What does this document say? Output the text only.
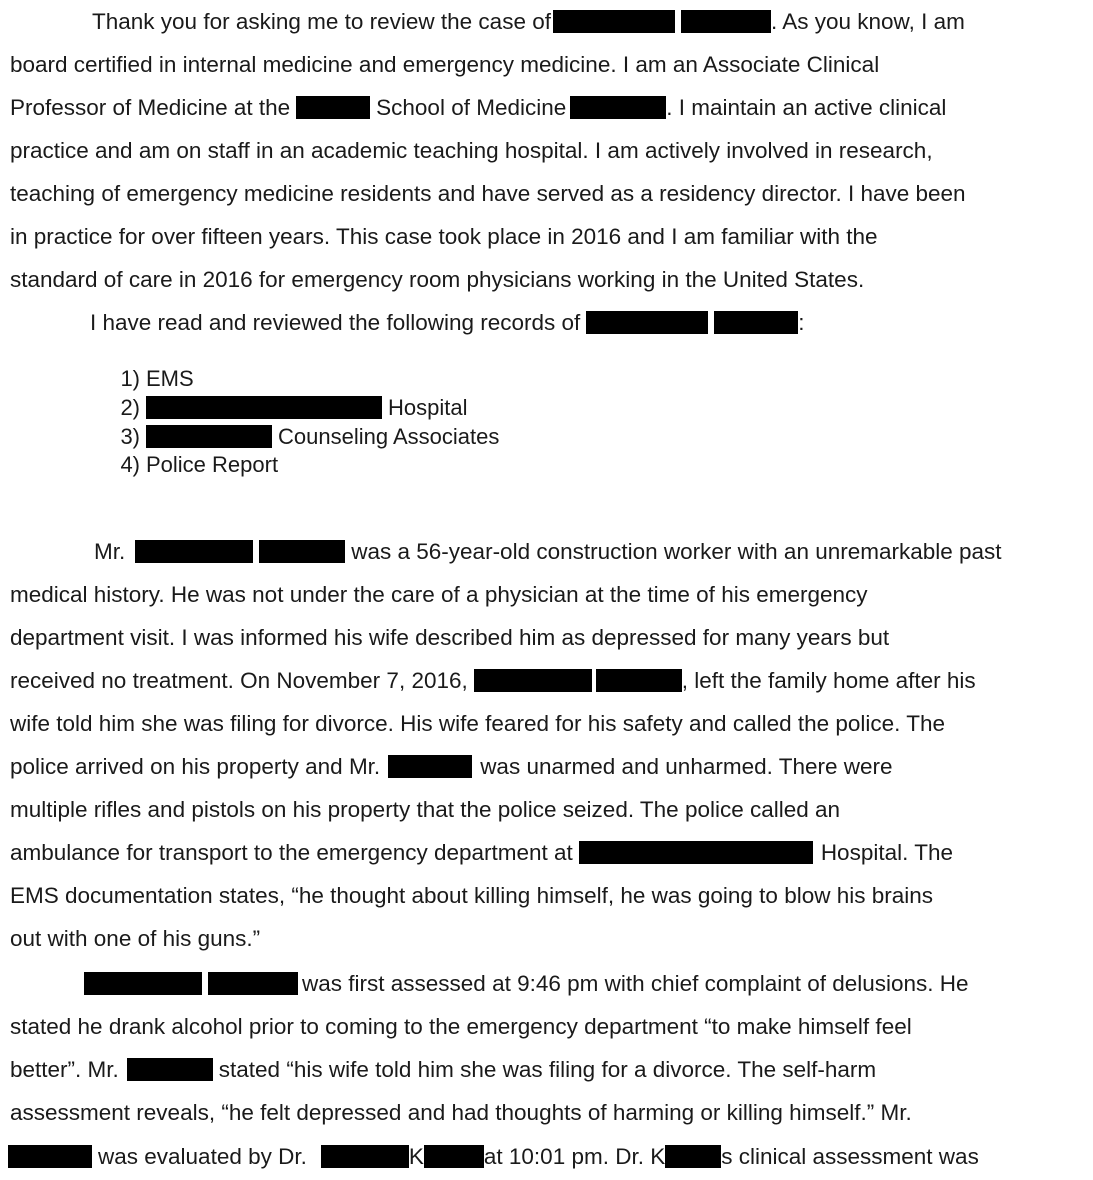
Thank you for asking me to review the case of	. As you know, I am
board certified in internal medicine and emergency medicine. I am an Associate Clinical
Professor of Medicine at the	School of Medicine	. I maintain an active clinical
practice and am on staff in an academic teaching hospital. I am actively involved in research,
teaching of emergency medicine residents and have served as a residency director. I have been
in practice for over fifteen years. This case took place in 2016 and I am familiar with the
standard of care in 2016 for emergency room physicians working in the United States.
I have read and reviewed the following records of	:
1) EMS
2)	Hospital
3)	Counseling Associates
4) Police Report
Mr.	was a 56-year-old construction worker with an unremarkable past
medical history. He was not under the care of a physician at the time of his emergency
department visit. I was informed his wife described him as depressed for many years but
received no treatment. On November 7, 2016,	, left the family home after his
wife told him she was filing for divorce. His wife feared for his safety and called the police. The
police arrived on his property and Mr.	was unarmed and unharmed. There were
multiple rifles and pistols on his property that the police seized. The police called an
ambulance for transport to the emergency department at	Hospital. The
EMS documentation states, “he thought about killing himself, he was going to blow his brains
out with one of his guns.”
was first assessed at 9:46 pm with chief complaint of delusions. He
stated he drank alcohol prior to coming to the emergency department “to make himself feel
better”. Mr.	stated “his wife told him she was filing for a divorce. The self-harm
assessment reveals, “he felt depressed and had thoughts of harming or killing himself.” Mr.
was evaluated by Dr.	K	at 10:01 pm. Dr. K s clinical assessment was
